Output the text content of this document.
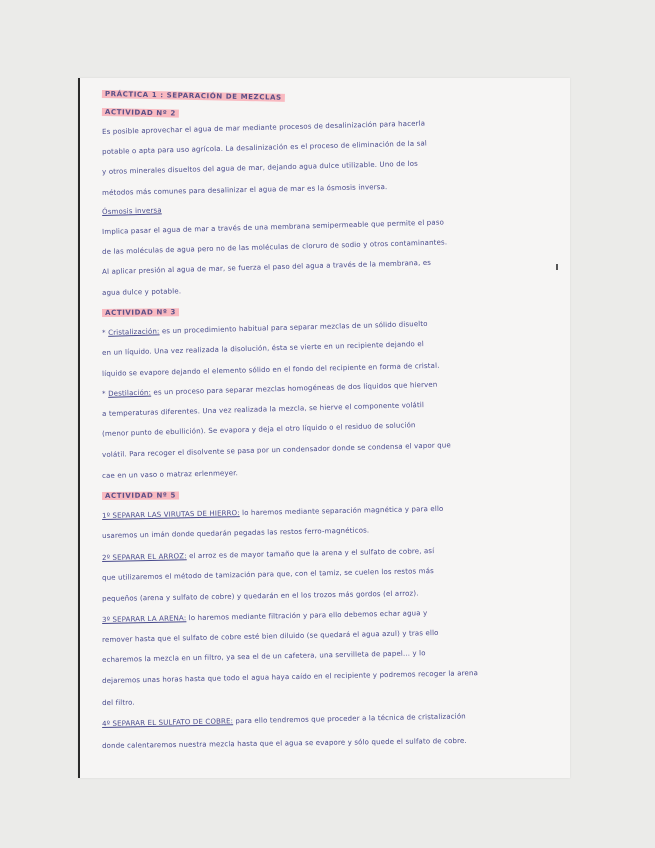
PRÁCTICA 1 : SEPARACIÓN DE MEZCLAS
ACTIVIDAD Nº 2
Es posible aprovechar el agua de mar mediante procesos de desalinización para hacerla
potable o apta para uso agrícola. La desalinización es el proceso de eliminación de la sal
y otros minerales disueltos del agua de mar, dejando agua dulce utilizable. Uno de los
métodos más comunes para desalinizar el agua de mar es la ósmosis inversa.
Ósmosis inversa
Implica pasar el agua de mar a través de una membrana semipermeable que permite el paso
de las moléculas de agua pero no de las moléculas de cloruro de sodio y otros contaminantes.
Al aplicar presión al agua de mar, se fuerza el paso del agua a través de la membrana, es
agua dulce y potable.
ACTIVIDAD Nº 3
* Cristalización: es un procedimiento habitual para separar mezclas de un sólido disuelto
en un líquido. Una vez realizada la disolución, ésta se vierte en un recipiente dejando el
líquido se evapore dejando el elemento sólido en el fondo del recipiente en forma de cristal.
* Destilación: es un proceso para separar mezclas homogéneas de dos líquidos que hierven
a temperaturas diferentes. Una vez realizada la mezcla, se hierve el componente volátil
(menor punto de ebullición). Se evapora y deja el otro líquido o el residuo de solución
volátil. Para recoger el disolvente se pasa por un condensador donde se condensa el vapor que
cae en un vaso o matraz erlenmeyer.
ACTIVIDAD Nº 5
1º SEPARAR LAS VIRUTAS DE HIERRO: lo haremos mediante separación magnética y para ello
usaremos un imán donde quedarán pegadas las restos ferro-magnéticos.
2º SEPARAR EL ARROZ: el arroz es de mayor tamaño que la arena y el sulfato de cobre, así
que utilizaremos el método de tamización para que, con el tamiz, se cuelen los restos más
pequeños (arena y sulfato de cobre) y quedarán en el los trozos más gordos (el arroz).
3º SEPARAR LA ARENA: lo haremos mediante filtración y para ello debemos echar agua y
remover hasta que el sulfato de cobre esté bien diluido (se quedará el agua azul) y tras ello
echaremos la mezcla en un filtro, ya sea el de un cafetera, una servilleta de papel... y lo
dejaremos unas horas hasta que todo el agua haya caído en el recipiente y podremos recoger la arena
del filtro.
4º SEPARAR EL SULFATO DE COBRE: para ello tendremos que proceder a la técnica de cristalización
donde calentaremos nuestra mezcla hasta que el agua se evapore y sólo quede el sulfato de cobre.
